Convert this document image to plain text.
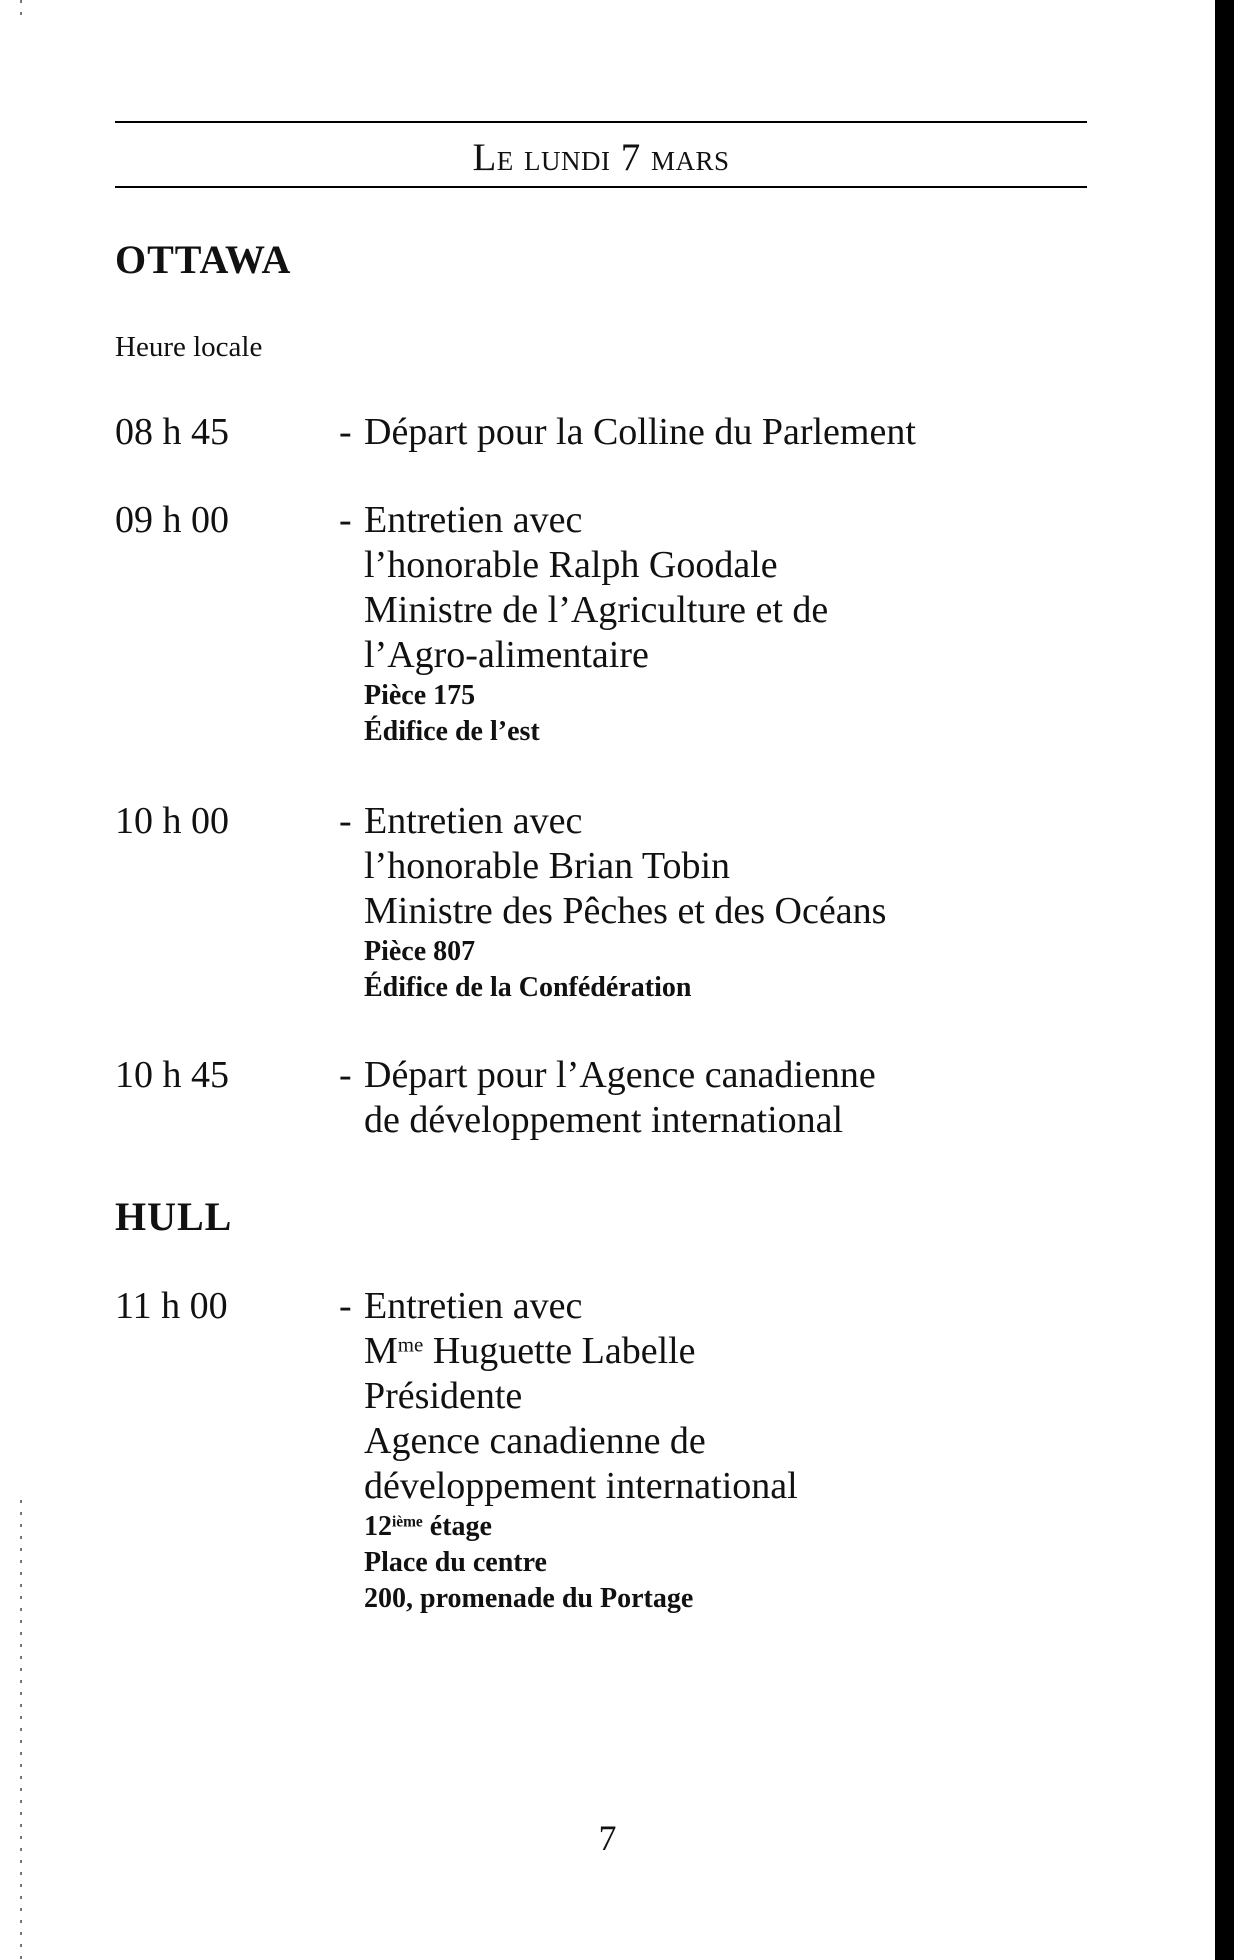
Le lundi 7 mars
OTTAWA
Heure locale
08 h 45	- Départ pour la Colline du Parlement
09 h 00	- Entretien avec
l’honorable Ralph Goodale
Ministre de l’Agriculture et de
l’Agro-alimentaire
Pièce 175
Édifice de l’est
10 h 00	- Entretien avec
l’honorable Brian Tobin
Ministre des Pêches et des Océans
Pièce 807
Édifice de la Confédération
10 h 45	- Départ pour l’Agence canadienne
de développement international
HULL
11 h 00	- Entretien avec
$M^{me}$ Huguette Labelle
Présidente
Agence canadienne de
développement international
12ième étage
Place du centre
200, promenade du Portage
7
